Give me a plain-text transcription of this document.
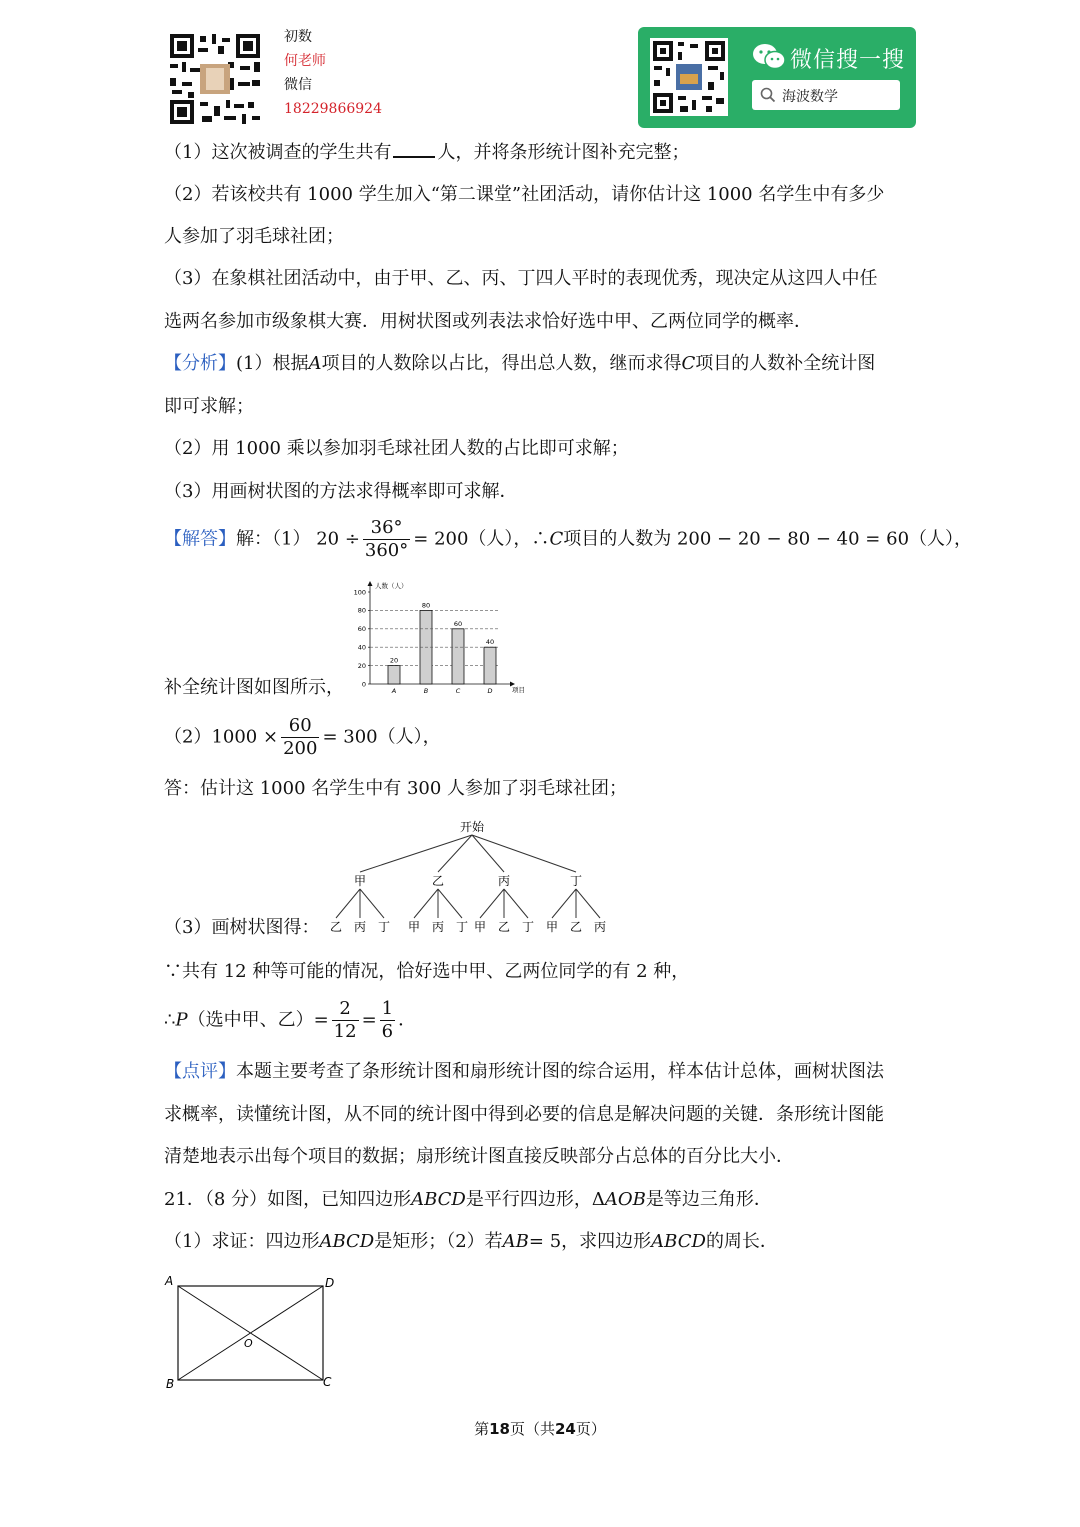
初数
何老师
微信
18229866924
微信搜一搜
海波数学
（1）这次被调查的学生共有	人，并将条形统计图补充完整；
（2）若该校共有 1000 学生加入“第二课堂”社团活动，请你估计这 1000 名学生中有多少
人参加了羽毛球社团；
（3）在象棋社团活动中，由于甲、乙、丙、丁四人平时的表现优秀，现决定从这四人中任
选两名参加市级象棋大赛．用树状图或列表法求恰好选中甲、乙两位同学的概率．
【分析】(1）根据A项目的人数除以占比，得出总人数，继而求得C项目的人数补全统计图
即可求解；
（2）用 1000 乘以参加羽毛球社团人数的占比即可求解；
（3）用画树状图的方法求得概率即可求解．
【解答】解：（1） $20 \div \frac{36^\circ}{360^\circ} = 200$（人），∴C项目的人数为 200 − 20 − 80 − 40 = 60（人），
人数（人）
项目
0
20
40
60
80
100
20
A
80
B
60
C
40
D
补全统计图如图所示，
$(2)1000 \times \frac{60}{200} = 300$（人），
答：估计这 1000 名学生中有 300 人参加了羽毛球社团；
开始
甲
乙 丙 丁
乙
甲 丙 丁
丙
甲 乙 丁
丁
甲 乙 丙
（3）画树状图得：
∵共有 12 种等可能的情况，恰好选中甲、乙两位同学的有 2 种，
∴P（选中甲、乙）= $\frac{2}{12} = \frac{1}{6}$ ．
【点评】本题主要考查了条形统计图和扇形统计图的综合运用，样本估计总体，画树状图法
求概率，读懂统计图，从不同的统计图中得到必要的信息是解决问题的关键．条形统计图能
清楚地表示出每个项目的数据；扇形统计图直接反映部分占总体的百分比大小．
21．（8 分）如图，已知四边形ABCD是平行四边形，ΔAOB是等边三角形．
（1）求证：四边形ABCD是矩形；（2）若AB= 5，求四边形ABCD的周长．
A	D
B	C
O
第18页（共24页）
